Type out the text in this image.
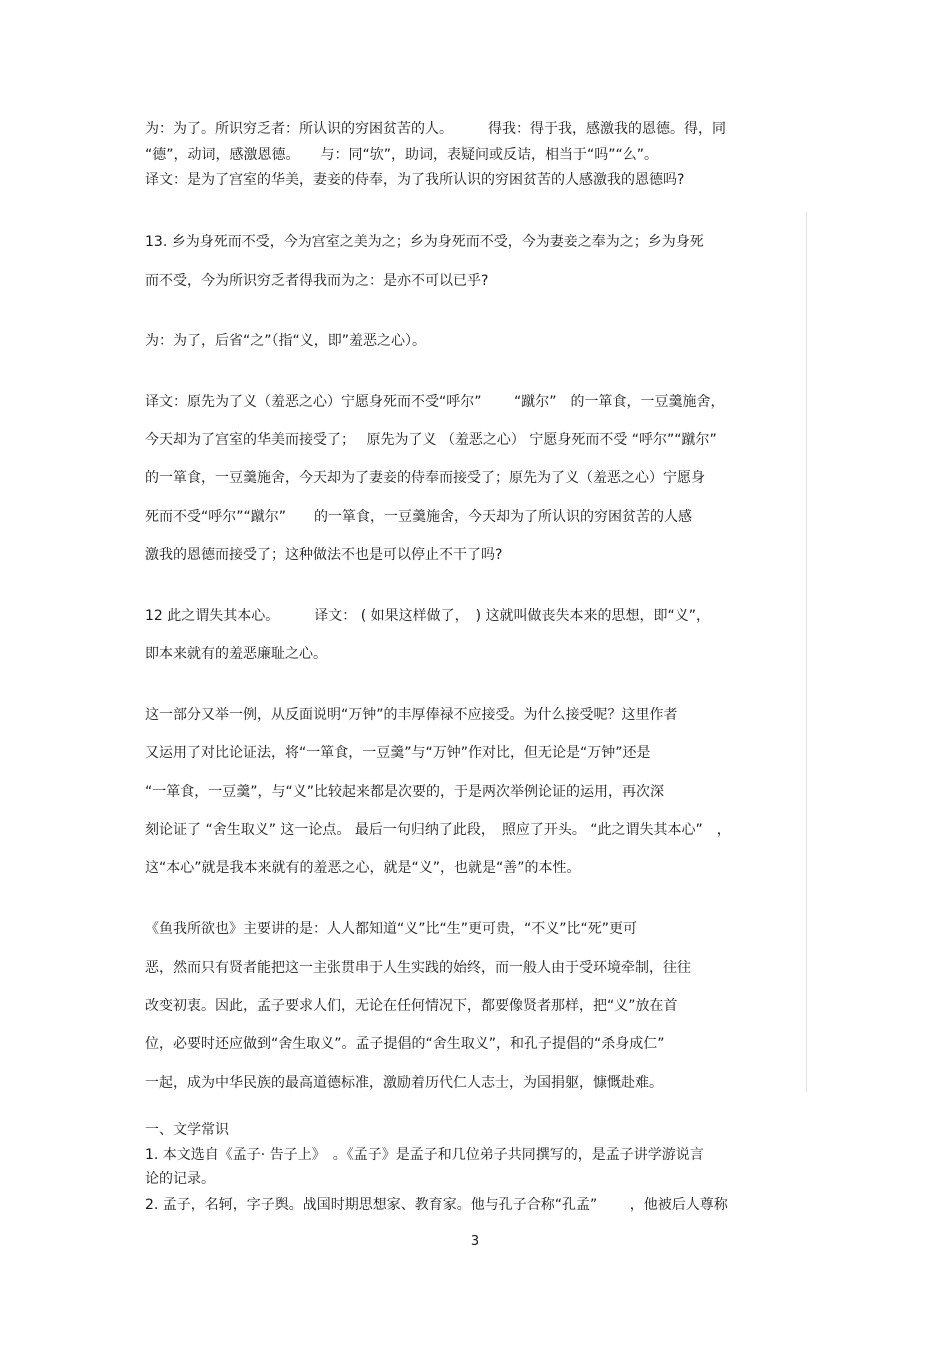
为：为了。所识穷乏者：所认识的穷困贫苦的人。　　　得我：得于我，感激我的恩德。得，同
“德”，动词，感激恩德。　　与：同“欤”，助词，表疑问或反诘，相当于“吗”“么”。
译文：是为了宫室的华美，妻妾的侍奉，为了我所认识的穷困贫苦的人感激我的恩德吗?
13. 乡为身死而不受，今为宫室之美为之；乡为身死而不受，今为妻妾之奉为之；乡为身死
而不受，今为所识穷乏者得我而为之：是亦不可以已乎?
为：为了，后省“之”（指“义，即”羞恶之心）。
译文：原先为了义（羞恶之心）宁愿身死而不受“呼尔”　　 “蹴尔”　的一箪食，一豆羹施舍，
今天却为了宫室的华美而接受了；　 原先为了义 （羞恶之心） 宁愿身死而不受 “呼尔”“蹴尔”
的一箪食，一豆羹施舍，今天却为了妻妾的侍奉而接受了；原先为了义（羞恶之心）宁愿身
死而不受“呼尔”“蹴尔”　　的一箪食，一豆羹施舍，今天却为了所认识的穷困贫苦的人感
激我的恩德而接受了；这种做法不也是可以停止不干了吗?
12 此之谓失其本心。　　　译文： ( 如果这样做了，　) 这就叫做丧失本来的思想，即“义”，
即本来就有的羞恶廉耻之心。
这一部分又举一例，从反面说明“万钟”的丰厚俸禄不应接受。为什么接受呢？这里作者
又运用了对比论证法，将“一箪食，一豆羹”与“万钟”作对比，但无论是“万钟”还是
“一箪食，一豆羹”，与“义”比较起来都是次要的，于是两次举例论证的运用，再次深
刻论证了 “舍生取义” 这一论点。 最后一句归纳了此段，　照应了开头。 “此之谓失其本心”　，
这“本心”就是我本来就有的羞恶之心，就是“义”，也就是“善”的本性。
《鱼我所欲也》主要讲的是：人人都知道“义”比“生”更可贵，“不义”比“死”更可
恶，然而只有贤者能把这一主张贯串于人生实践的始终，而一般人由于受环境牵制，往往
改变初衷。因此，孟子要求人们，无论在任何情况下，都要像贤者那样，把“义”放在首
位，必要时还应做到“舍生取义”。孟子提倡的“舍生取义”，和孔子提倡的“杀身成仁”
一起，成为中华民族的最高道德标准，激励着历代仁人志士，为国捐躯，慷慨赴难。
一、文学常识
1. 本文选自《孟子· 告子上》　。《孟子》是孟子和几位弟子共同撰写的，是孟子讲学游说言
论的记录。
2. 孟子，名轲，字子舆。战国时期思想家、教育家。他与孔子合称“孔孟”　　 ，他被后人尊称
3
